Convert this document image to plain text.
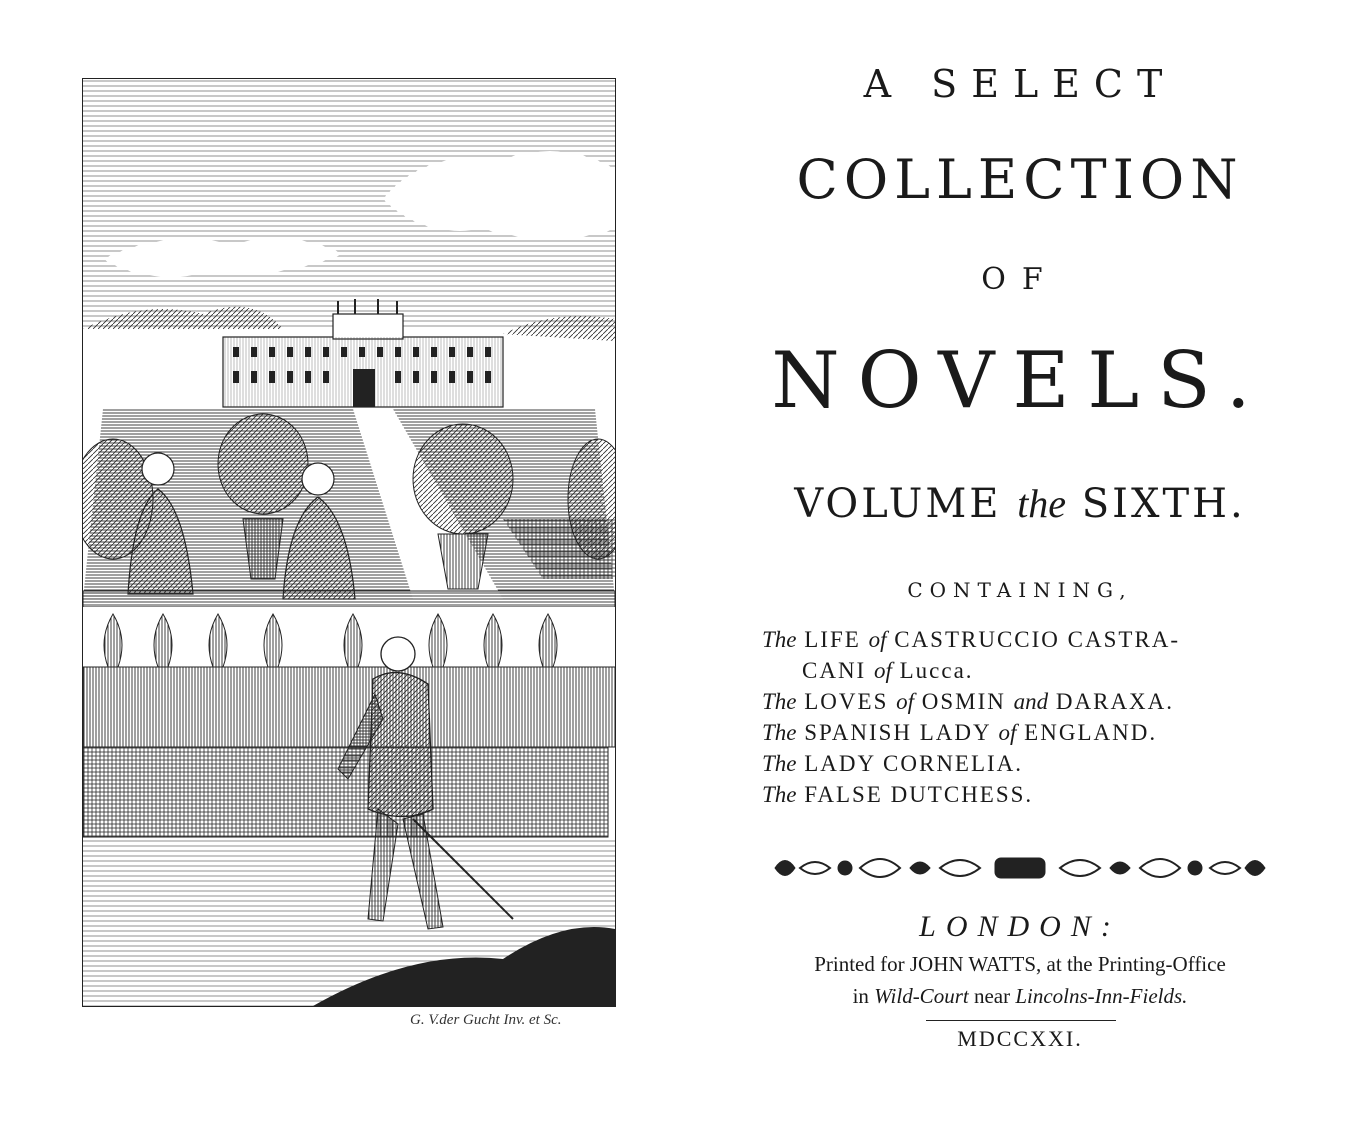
G. V.der Gucht Inv. et Sc.
A SELECT
COLLECTION
OF
NOVELS.
VOLUME the SIXTH.
CONTAINING,
The LIFE of CASTRUCCIO CASTRA-
CANI of Lucca.
The LOVES of OSMIN and DARAXA.
The SPANISH LADY of ENGLAND.
The LADY CORNELIA.
The FALSE DUTCHESS.
LONDON:
Printed for JOHN WATTS, at the Printing-Office
in Wild-Court near Lincolns-Inn-Fields.
MDCCXXI.
